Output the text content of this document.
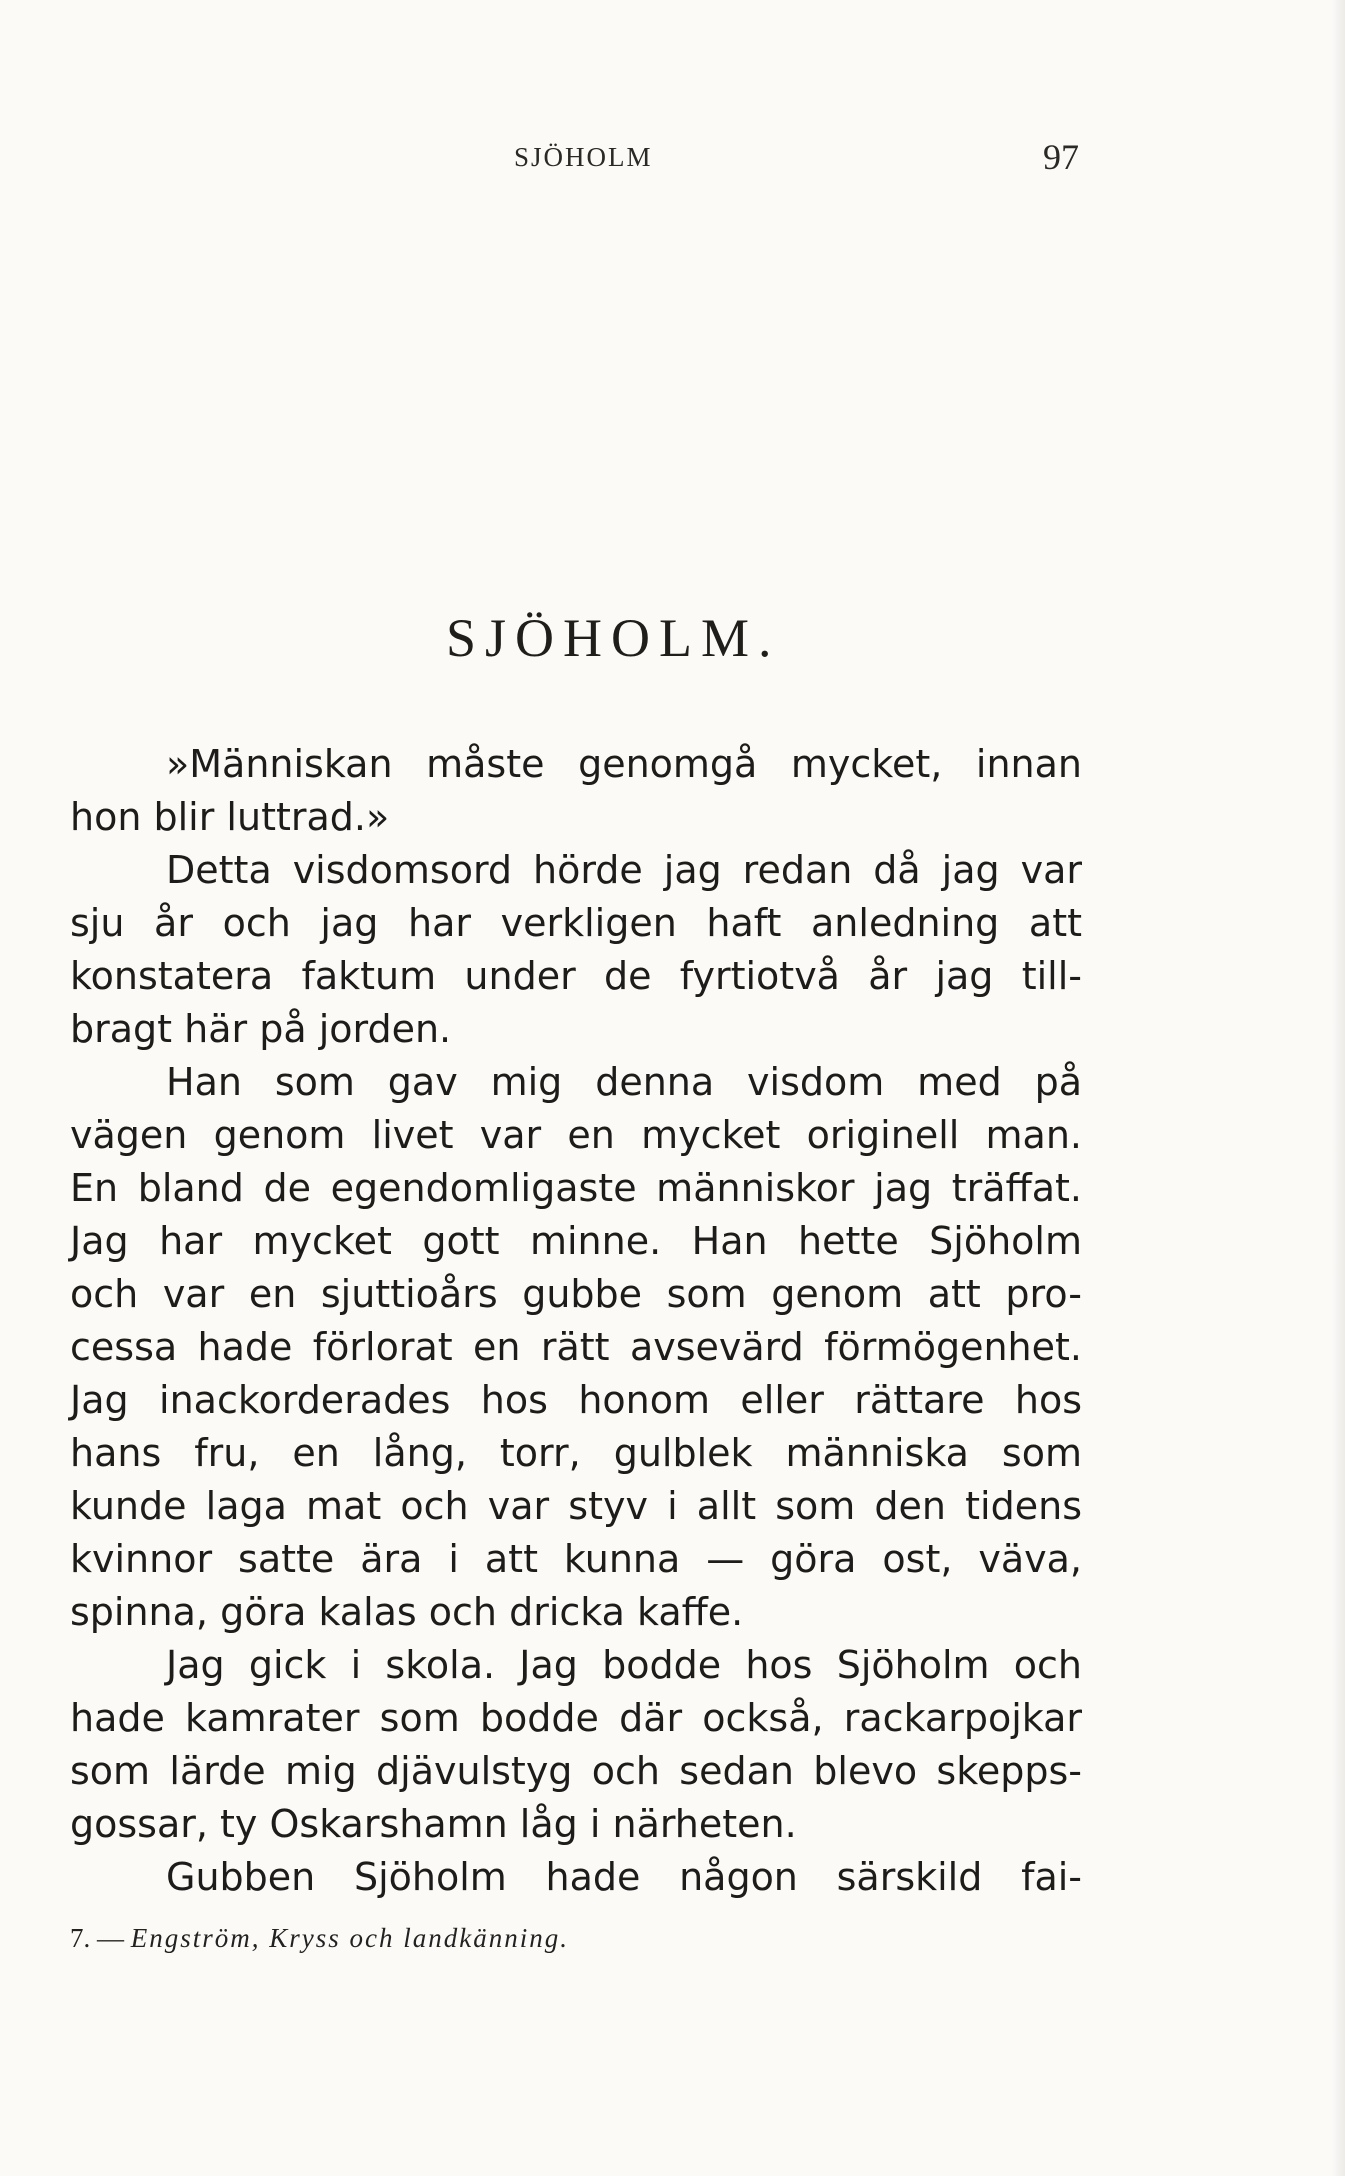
SJÖHOLM	97
SJÖHOLM.
»Människan måste genomgå mycket, innan
hon blir luttrad.»
Detta visdomsord hörde jag redan då jag var
sju år och jag har verkligen haft anledning att
konstatera faktum under de fyrtiotvå år jag till-
bragt här på jorden.
Han som gav mig denna visdom med på
vägen genom livet var en mycket originell man.
En bland de egendomligaste människor jag träffat.
Jag har mycket gott minne. Han hette Sjöholm
och var en sjuttioårs gubbe som genom att pro-
cessa hade förlorat en rätt avsevärd förmögenhet.
Jag inackorderades hos honom eller rättare hos
hans fru, en lång, torr, gulblek människa som
kunde laga mat och var styv i allt som den tidens
kvinnor satte ära i att kunna — göra ost, väva,
spinna, göra kalas och dricka kaffe.
Jag gick i skola. Jag bodde hos Sjöholm och
hade kamrater som bodde där också, rackarpojkar
som lärde mig djävulstyg och sedan blevo skepps-
gossar, ty Oskarshamn låg i närheten.
Gubben Sjöholm hade någon särskild fai-
7. — Engström, Kryss och landkänning.
